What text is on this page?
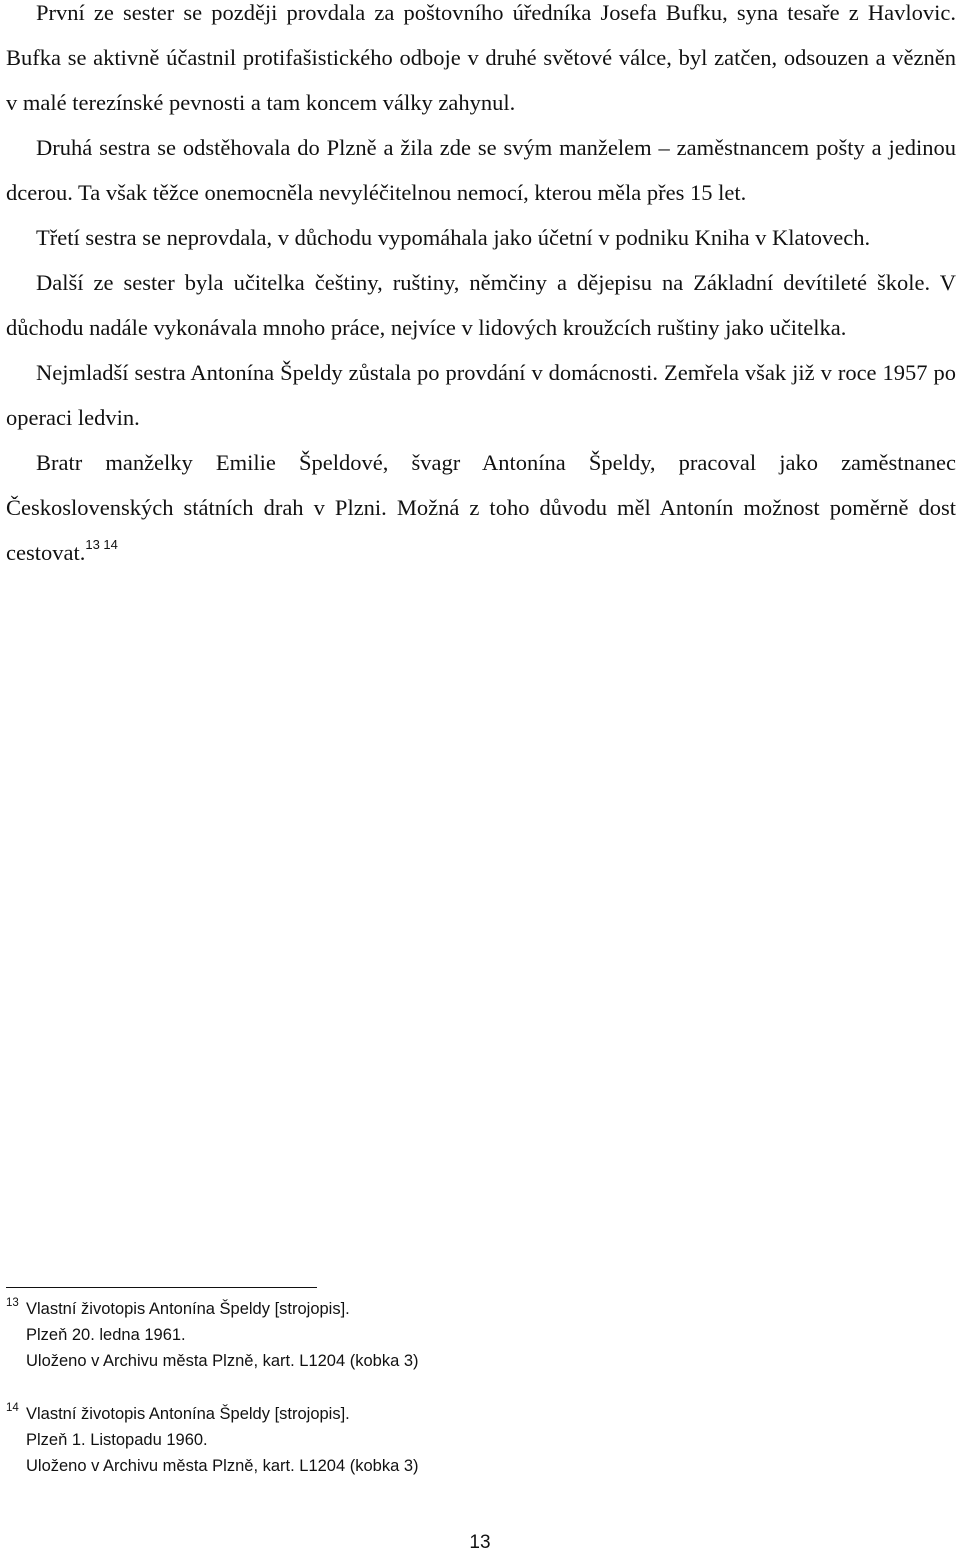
První ze sester se později provdala za poštovního úředníka Josefa Bufku, syna tesaře z Havlovic. Bufka se aktivně účastnil protifašistického odboje v druhé světové válce, byl zatčen, odsouzen a vězněn v malé terezínské pevnosti a tam koncem války zahynul.

Druhá sestra se odstěhovala do Plzně a žila zde se svým manželem – zaměstnancem pošty a jedinou dcerou. Ta však těžce onemocněla nevyléčitelnou nemocí, kterou měla přes 15 let.

Třetí sestra se neprovdala, v důchodu vypomáhala jako účetní v podniku Kniha v Klatovech.

Další ze sester byla učitelka češtiny, ruštiny, němčiny a dějepisu na Základní devítileté škole. V důchodu nadále vykonávala mnoho práce, nejvíce v lidových kroužcích ruštiny jako učitelka.

Nejmladší sestra Antonína Špeldy zůstala po provdání v domácnosti. Zemřela však již v roce 1957 po operaci ledvin.

Bratr manželky Emilie Špeldové, švagr Antonína Špeldy, pracoval jako zaměstnanec Československých státních drah v Plzni. Možná z toho důvodu měl Antonín možnost poměrně dost cestovat.$^{13 14}$

13 Vlastní životopis Antonína Špeldy [strojopis].
Plzeň 20. ledna 1961.
Uloženo v Archivu města Plzně, kart. L1204 (kobka 3)
14 Vlastní životopis Antonína Špeldy [strojopis].
Plzeň 1. Listopadu 1960.
Uloženo v Archivu města Plzně, kart. L1204 (kobka 3)
13
